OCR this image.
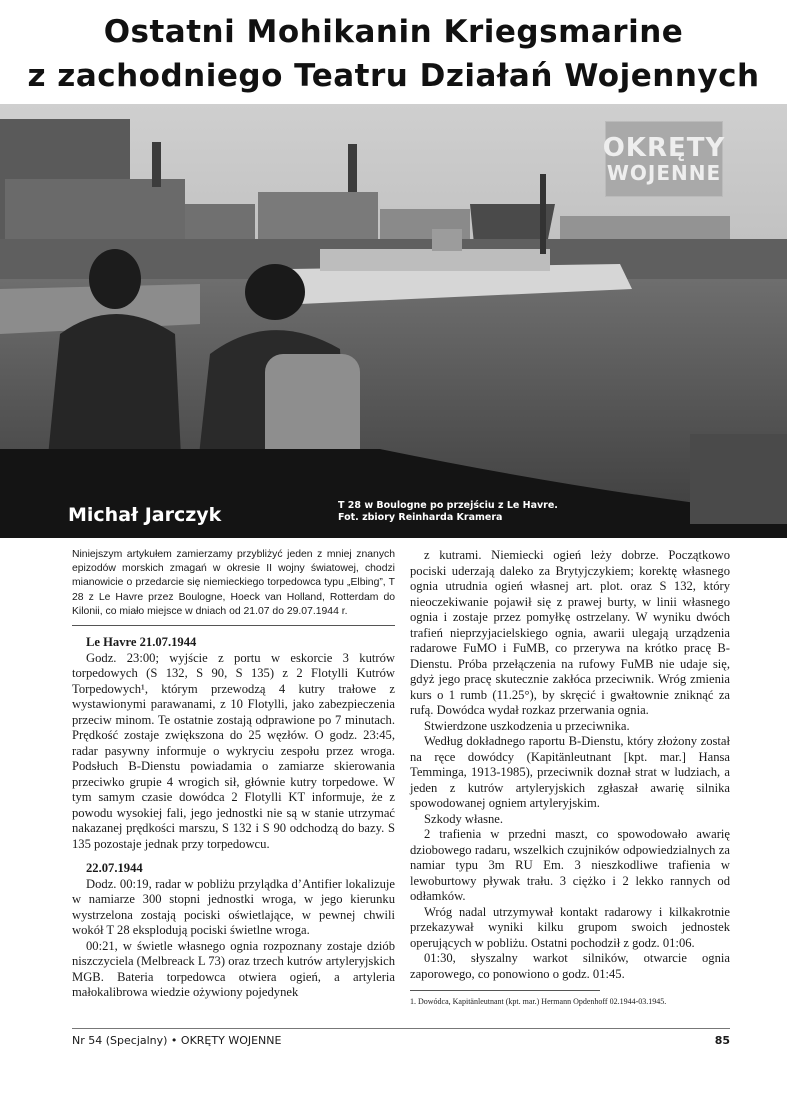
Ostatni Mohikanin Kriegsmarine
z zachodniego Teatru Działań Wojennych
OKRĘTY
WOJENNE
Michał Jarczyk	T 28 w Boulogne po przejściu z Le Havre.
Fot. zbiory Reinharda Kramera
Niniejszym artykułem zamierzamy przybliżyć jeden z mniej znanych epizodów morskich zmagań w okresie II wojny światowej, chodzi mianowicie o przedarcie się niemieckiego torpedowca typu „Elbing”, T 28 z Le Havre przez Boulogne, Hoeck van Holland, Rotterdam do Kilonii, co miało miejsce w dniach od 21.07 do 29.07.1944 r.

Le Havre 21.07.1944

Godz. 23:00; wyjście z portu w eskorcie 3 kutrów torpedowych (S 132, S 90, S 135) z 2 Flotylli Kutrów Torpedowych¹, którym przewodzą 4 kutry trałowe z wystawionymi parawanami, z 10 Flotylli, jako zabezpieczenia przeciw minom. Te ostatnie zostają odprawione po 7 minutach. Prędkość zostaje zwiększona do 25 węzłów. O godz. 23:45, radar pasywny informuje o wykryciu zespołu przez wroga. Podsłuch B-Dienstu powiadamia o zamiarze skierowania przeciwko grupie 4 wrogich sił, głównie kutry torpedowe. W tym samym czasie dowódca 2 Flotylli KT informuje, że z powodu wysokiej fali, jego jednostki nie są w stanie utrzymać nakazanej prędkości marszu, S 132 i S 90 odchodzą do bazy. S 135 pozostaje jednak przy torpedowcu.

22.07.1944

Dodz. 00:19, radar w pobliżu przylądka d’Antifier lokalizuje w namiarze 300 stopni jednostki wroga, w jego kierunku wystrzelona zostają pociski oświetlające, w pewnej chwili wokół T 28 eksplodują pociski świetlne wroga.

00:21, w świetle własnego ognia rozpoznany zostaje dziób niszczyciela (Melbreack L 73) oraz trzech kutrów artyleryjskich MGB. Bateria torpedowca otwiera ogień, a artyleria małokalibrowa wiedzie ożywiony pojedynek

z kutrami. Niemiecki ogień leży dobrze. Początkowo pociski uderzają daleko za Brytyjczykiem; korektę własnego ognia utrudnia ogień własnej art. plot. oraz S 132, który nieoczekiwanie pojawił się z prawej burty, w linii własnego ognia i zostaje przez pomyłkę ostrzelany. W wyniku dwóch trafień nieprzyjacielskiego ognia, awarii ulegają urządzenia radarowe FuMO i FuMB, co przerywa na krótko pracę B-Dienstu. Próba przełączenia na rufowy FuMB nie udaje się, gdyż jego pracę skutecznie zakłóca przeciwnik. Wróg zmienia kurs o 1 rumb (11.25°), by skręcić i gwałtownie zniknąć za rufą. Dowódca wydał rozkaz przerwania ognia.

Stwierdzone uszkodzenia u przeciwnika.

Według dokładnego raportu B-Dienstu, który złożony został na ręce dowódcy (Kapitänleutnant [kpt. mar.] Hansa Temminga, 1913-1985), przeciwnik doznał strat w ludziach, a jeden z kutrów artyleryjskich zgłaszał awarię silnika spowodowanej ogniem artyleryjskim.

Szkody własne.

2 trafienia w przedni maszt, co spowodowało awarię dziobowego radaru, wszelkich czujników odpowiedzialnych za namiar typu 3m RU Em. 3 nieszkodliwe trafienia w lewoburtowy pływak trału. 3 ciężko i 2 lekko rannych od odłamków.

Wróg nadal utrzymywał kontakt radarowy i kilkakrotnie przekazywał wyniki kilku grupom swoich jednostek operujących w pobliżu. Ostatni pochodził z godz. 01:06.

01:30, słyszalny warkot silników, otwarcie ognia zaporowego, co ponowiono o godz. 01:45.

1. Dowódca, Kapitänleutnant (kpt. mar.) Hermann Opdenhoff 02.1944-03.1945.
Nr 54 (Specjalny) • OKRĘTY WOJENNE	85
